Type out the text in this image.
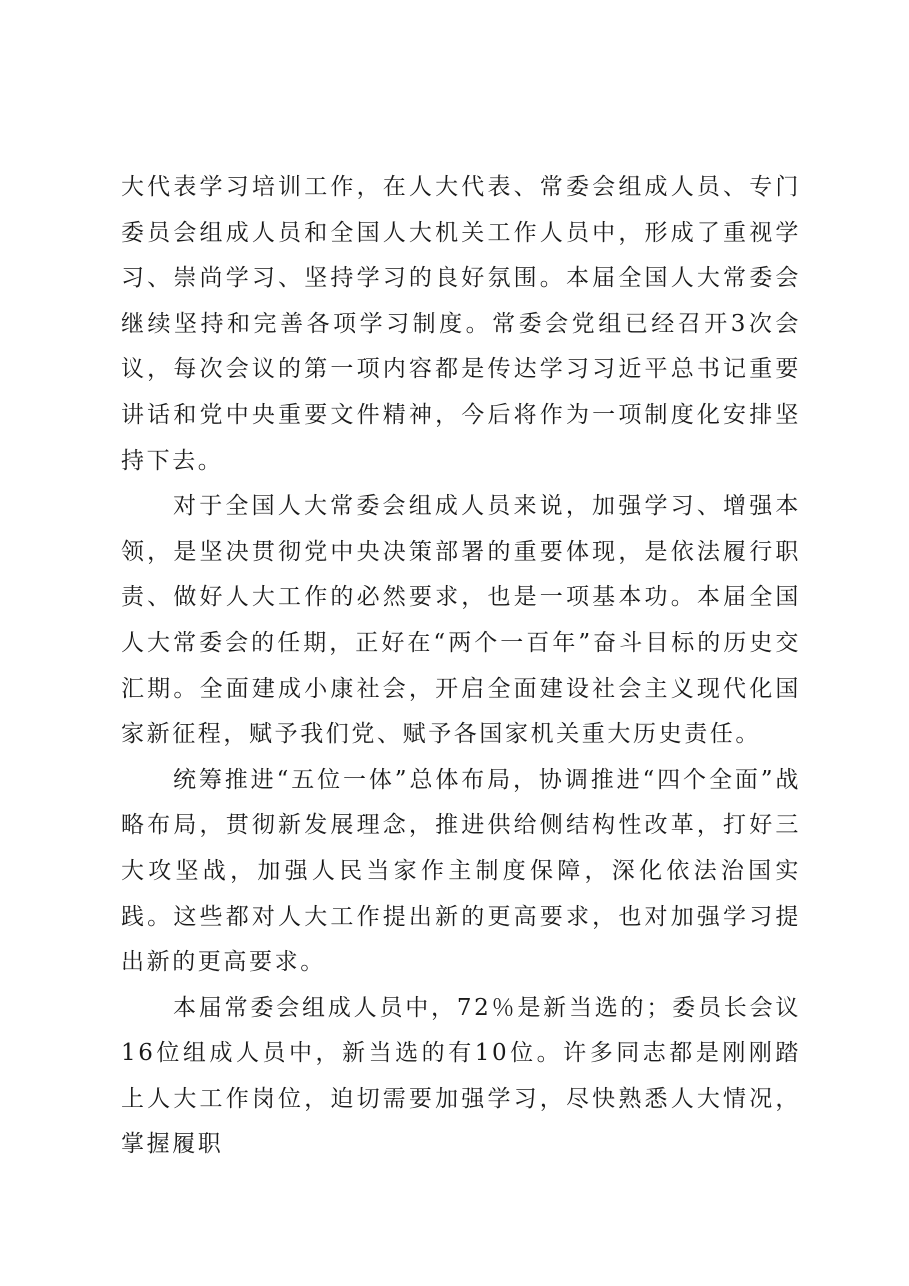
大代表学习培训工作，在人大代表、常委会组成人员、专门委员会组成人员和全国人大机关工作人员中，形成了重视学习、崇尚学习、坚持学习的良好氛围。本届全国人大常委会继续坚持和完善各项学习制度。常委会党组已经召开3次会议，每次会议的第一项内容都是传达学习习近平总书记重要讲话和党中央重要文件精神，今后将作为一项制度化安排坚持下去。

对于全国人大常委会组成人员来说，加强学习、增强本领，是坚决贯彻党中央决策部署的重要体现，是依法履行职责、做好人大工作的必然要求，也是一项基本功。本届全国人大常委会的任期，正好在“两个一百年”奋斗目标的历史交汇期。全面建成小康社会，开启全面建设社会主义现代化国家新征程，赋予我们党、赋予各国家机关重大历史责任。

统筹推进“五位一体”总体布局，协调推进“四个全面”战略布局，贯彻新发展理念，推进供给侧结构性改革，打好三大攻坚战，加强人民当家作主制度保障，深化依法治国实践。这些都对人大工作提出新的更高要求，也对加强学习提出新的更高要求。

本届常委会组成人员中，72％是新当选的；委员长会议16位组成人员中，新当选的有10位。许多同志都是刚刚踏上人大工作岗位，迫切需要加强学习，尽快熟悉人大情况，掌握履职
